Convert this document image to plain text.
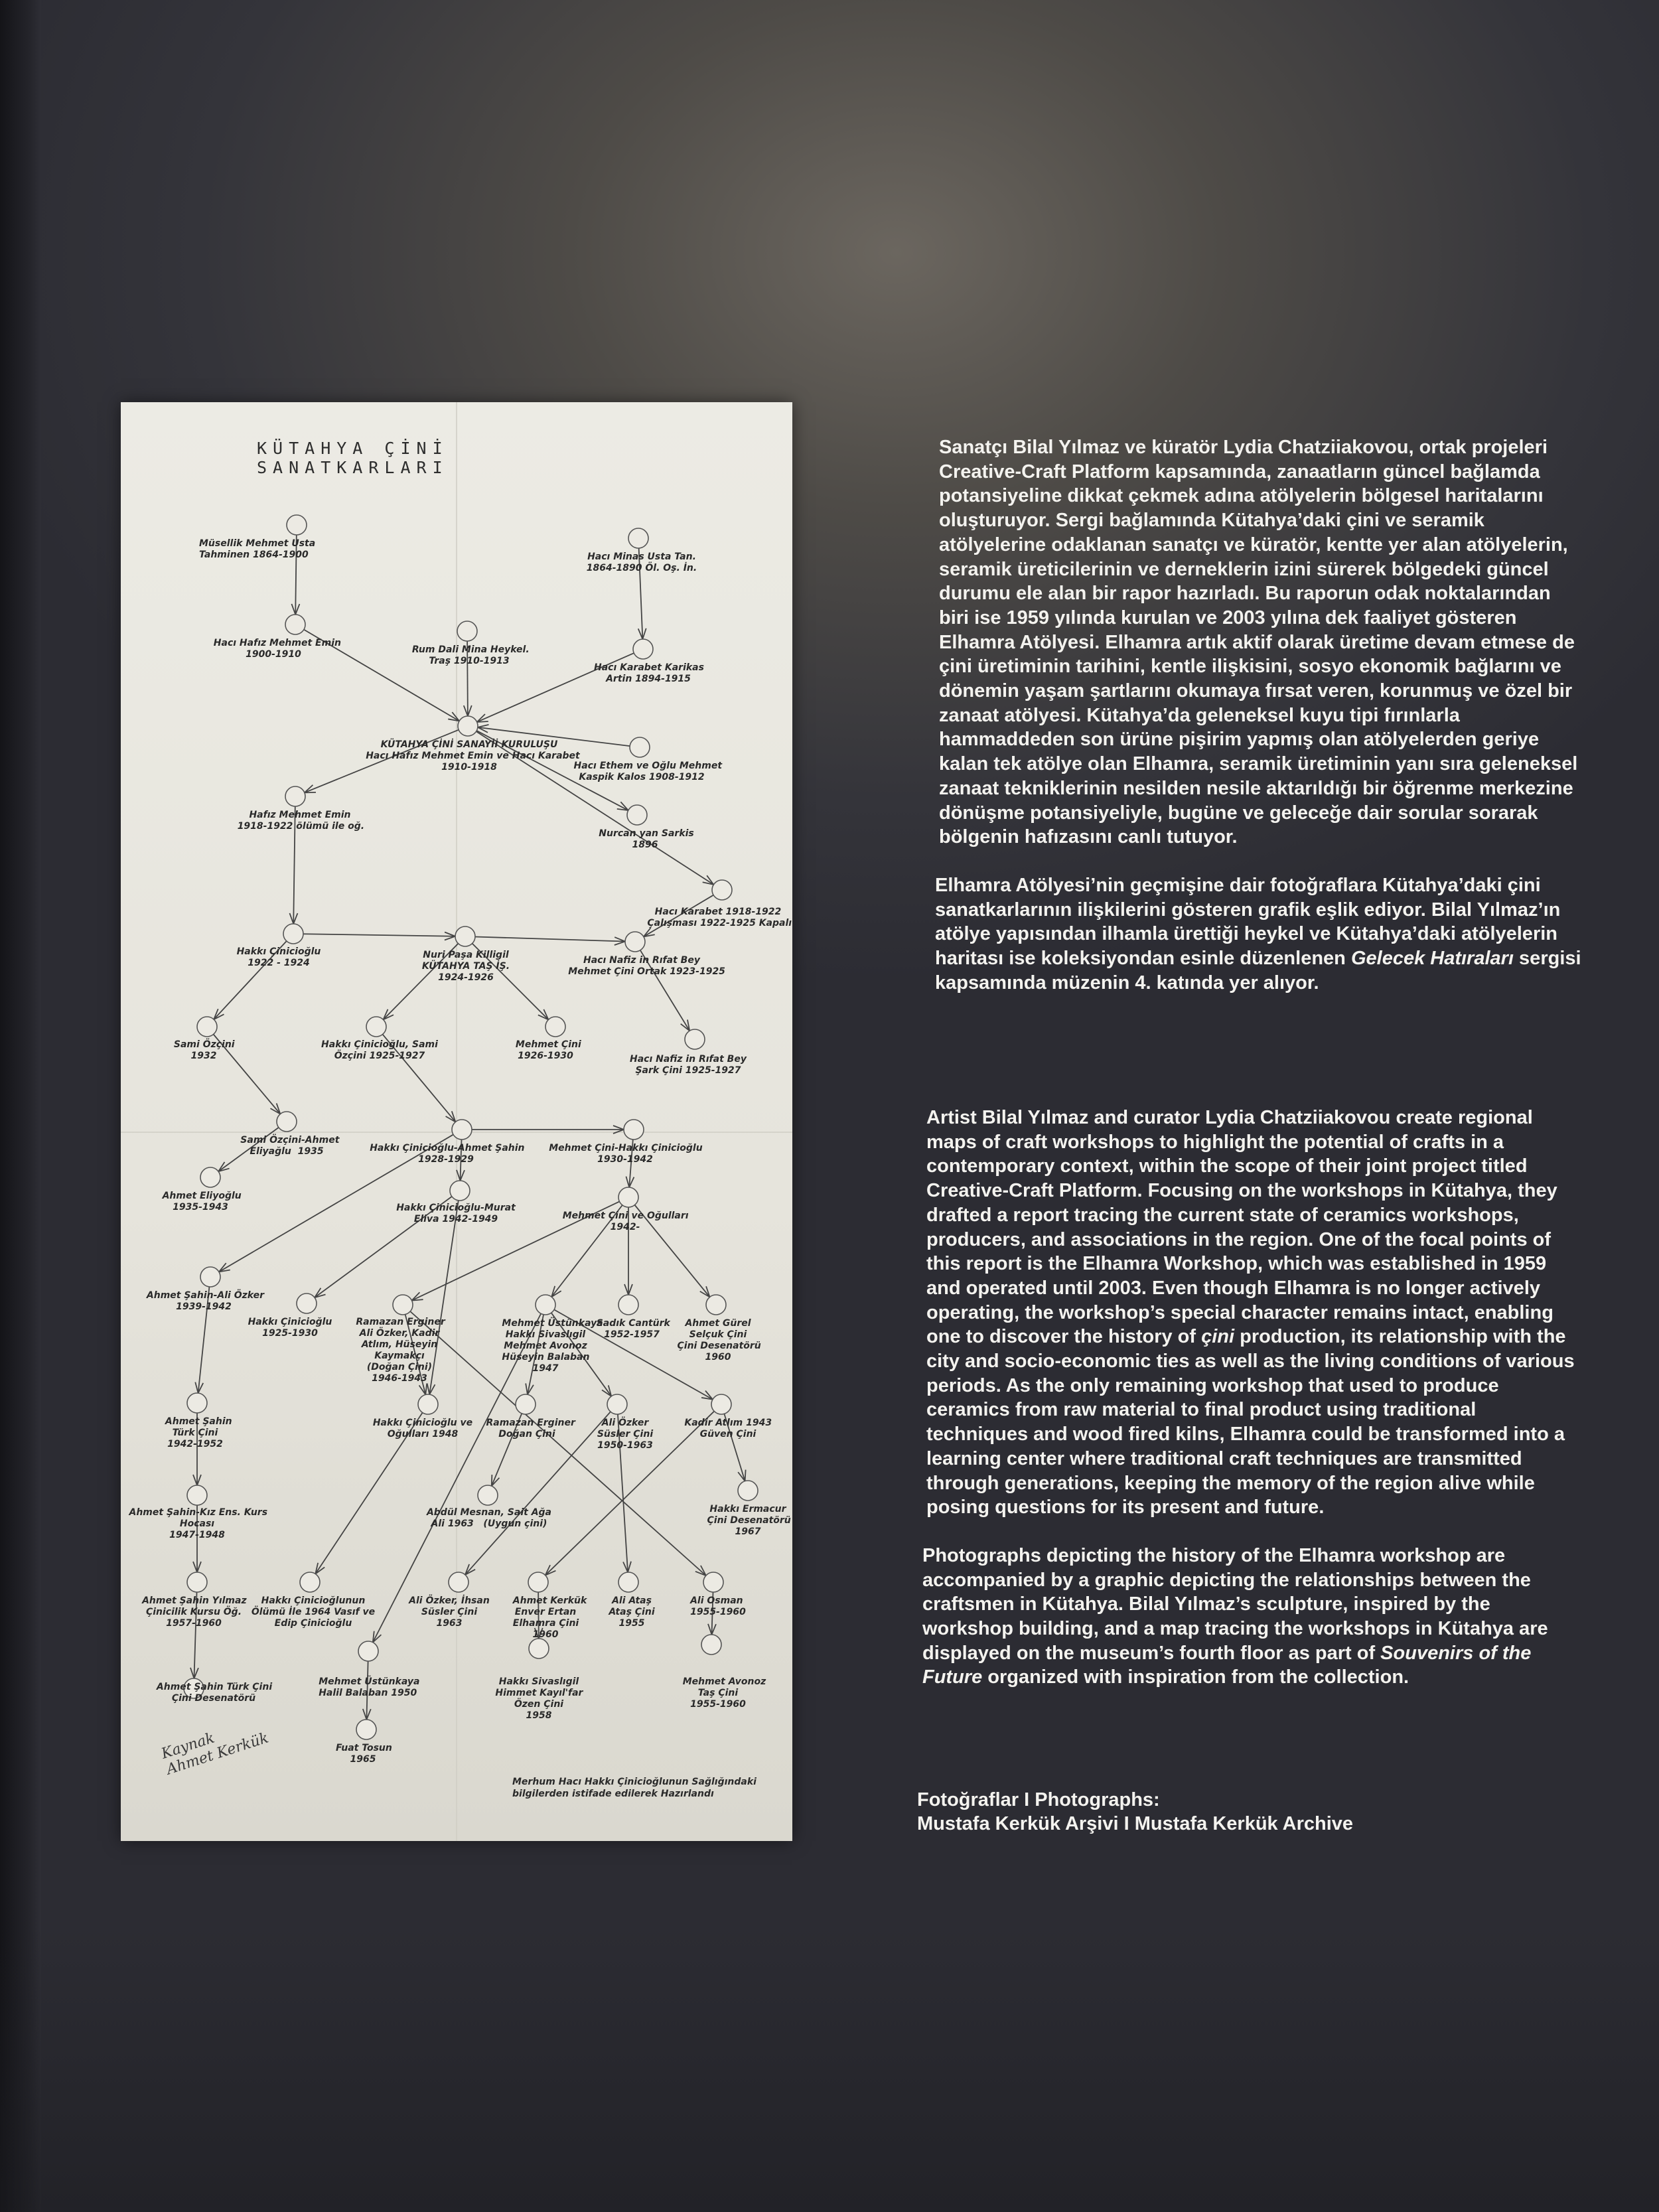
KÜTAHYA ÇİNİ SANATKARLARI
Müsellik Mehmet Usta
Tahminen 1864-1900	Hacı Minas Usta Tan.
1864-1890 Öl. Oş. İn.
Hacı Hafız Mehmet Emin
1900-1910	Rum Dali Mina Heykel.
Traş 1910-1913
Hacı Karabet Karikas
Artin 1894-1915
KÜTAHYA ÇİNİ SANAYİİ KURULUŞU
Hacı Hafız Mehmet Emin ve Hacı Karabet
1910-1918	Hacı Ethem ve Oğlu Mehmet
Kaspik Kalos 1908-1912
Hafız Mehmet Emin
1918-1922 ölümü ile oğ.
Nurcan yan Sarkis
1896
Hacı Karabet 1918-1922
Çalışması 1922-1925 Kapalı
Hakkı Çinicioğlu
1922 - 1924
Nuri Paşa Killigil
KÜTAHYA TAŞ İŞ.
1924-1926
Hacı Nafiz in Rıfat Bey
Mehmet Çini Ortak 1923-1925
Sami Özçini
1932
Hakkı Çinicioğlu, Sami
Özçini 1925-1927
Mehmet Çini
1926-1930	Hacı Nafiz in Rıfat Bey
Şark Çini 1925-1927
Sami Özçini-Ahmet
Eliyağlu  1935	Hakkı Çinicioğlu-Ahmet Şahin
1928-1929
Mehmet Çini-Hakkı Çinicioğlu
1930-1942
Ahmet Eliyoğlu
1935-1943	Hakkı Çinicioğlu-Murat
Eliva 1942-1949	Mehmet Çini ve Oğulları
1942-
Ahmet Şahin-Ali Özker
1939-1942
Hakkı Çinicioğlu
1925-1930
Ramazan Erginer
Ali Özker, Kadir
Atlım, Hüseyin
Kaymakçı
(Doğan Çini)
1946-1943
Mehmet Üstünkaya
Hakkı Sivaslıgil
Mehmet Avonoz
Hüseyin Balaban
1947
Sadık Cantürk
1952-1957
Ahmet Gürel
Selçuk Çini
Çini Desenatörü
1960
Ahmet Şahin
Türk Çini
1942-1952
Hakkı Çinicioğlu ve
Oğulları 1948
Ramazan Erginer
Doğan Çini
Ali Özker
Süsler Çini
1950-1963
Kadir Atlım 1943
Güven Çini
Ahmet Şahin-Kız Ens. Kurs
Hocası
1947-1948
Abdül Mesnan, Sait Ağa
Ali 1963   (Uygun çini)
Hakkı Ermacur
Çini Desenatörü
1967
Ahmet Şahin Yılmaz
Çinicilik Kursu Öğ.
1957-1960
Hakkı Çinicioğlunun
Ölümü İle 1964 Vasıf ve
Edip Çinicioğlu
Ali Özker, İhsan
Süsler Çini
1963
Ahmet Kerkük
Enver Ertan
Elhamra Çini
1960
Ali Ataş
Ataş Çini
1955
Ali Osman
1955-1960
Ahmet Şahin Türk Çini
Çini Desenatörü
Mehmet Üstünkaya
Halil Balaban 1950
Hakkı Sivaslıgil
Himmet Kayıl'far
Özen Çini
1958
Mehmet Avonoz
Taş Çini
1955-1960
Fuat Tosun
1965
Kaynak
Ahmet Kerkük
Merhum Hacı Hakkı Çinicioğlunun Sağlığındaki
bilgilerden istifade edilerek Hazırlandı

Sanatçı Bilal Yılmaz ve küratör Lydia Chatziiakovou, ortak projeleri Creative-Craft Platform kapsamında, zanaatların güncel bağlamda potansiyeline dikkat çekmek adına atölyelerin bölgesel haritalarını oluşturuyor. Sergi bağlamında Kütahya’daki çini ve seramik atölyelerine odaklanan sanatçı ve küratör, kentte yer alan atölyelerin, seramik üreticilerinin ve derneklerin izini sürerek bölgedeki güncel durumu ele alan bir rapor hazırladı. Bu raporun odak noktalarından biri ise 1959 yılında kurulan ve 2003 yılına dek faaliyet gösteren Elhamra Atölyesi. Elhamra artık aktif olarak üretime devam etmese de çini üretiminin tarihini, kentle ilişkisini, sosyo ekonomik bağlarını ve dönemin yaşam şartlarını okumaya fırsat veren, korunmuş ve özel bir zanaat atölyesi. Kütahya’da geleneksel kuyu tipi fırınlarla hammaddeden son ürüne pişirim yapmış olan atölyelerden geriye kalan tek atölye olan Elhamra, seramik üretiminin yanı sıra geleneksel zanaat tekniklerinin nesilden nesile aktarıldığı bir öğrenme merkezine dönüşme potansiyeliyle, bugüne ve geleceğe dair sorular sorarak bölgenin hafızasını canlı tutuyor.

Elhamra Atölyesi’nin geçmişine dair fotoğraflara Kütahya’daki çini sanatkarlarının ilişkilerini gösteren grafik eşlik ediyor. Bilal Yılmaz’ın atölye yapısından ilhamla ürettiği heykel ve Kütahya’daki atölyelerin haritası ise koleksiyondan esinle düzenlenen Gelecek Hatıraları sergisi kapsamında müzenin 4. katında yer alıyor.

Artist Bilal Yılmaz and curator Lydia Chatziiakovou create regional maps of craft workshops to highlight the potential of crafts in a contemporary context, within the scope of their joint project titled Creative-Craft Platform. Focusing on the workshops in Kütahya, they drafted a report tracing the current state of ceramics workshops, producers, and associations in the region. One of the focal points of this report is the Elhamra Workshop, which was established in 1959 and operated until 2003. Even though Elhamra is no longer actively operating, the workshop’s special character remains intact, enabling one to discover the history of çini production, its relationship with the city and socio-economic ties as well as the living conditions of various periods. As the only remaining workshop that used to produce ceramics from raw material to final product using traditional techniques and wood fired kilns, Elhamra could be transformed into a learning center where traditional craft techniques are transmitted through generations, keeping the memory of the region alive while posing questions for its present and future.

Photographs depicting the history of the Elhamra workshop are accompanied by a graphic depicting the relationships between the craftsmen in Kütahya. Bilal Yılmaz’s sculpture, inspired by the workshop building, and a map tracing the workshops in Kütahya are displayed on the museum’s fourth floor as part of Souvenirs of the Future organized with inspiration from the collection.

Fotoğraflar I Photographs:
Mustafa Kerkük Arşivi I Mustafa Kerkük Archive
